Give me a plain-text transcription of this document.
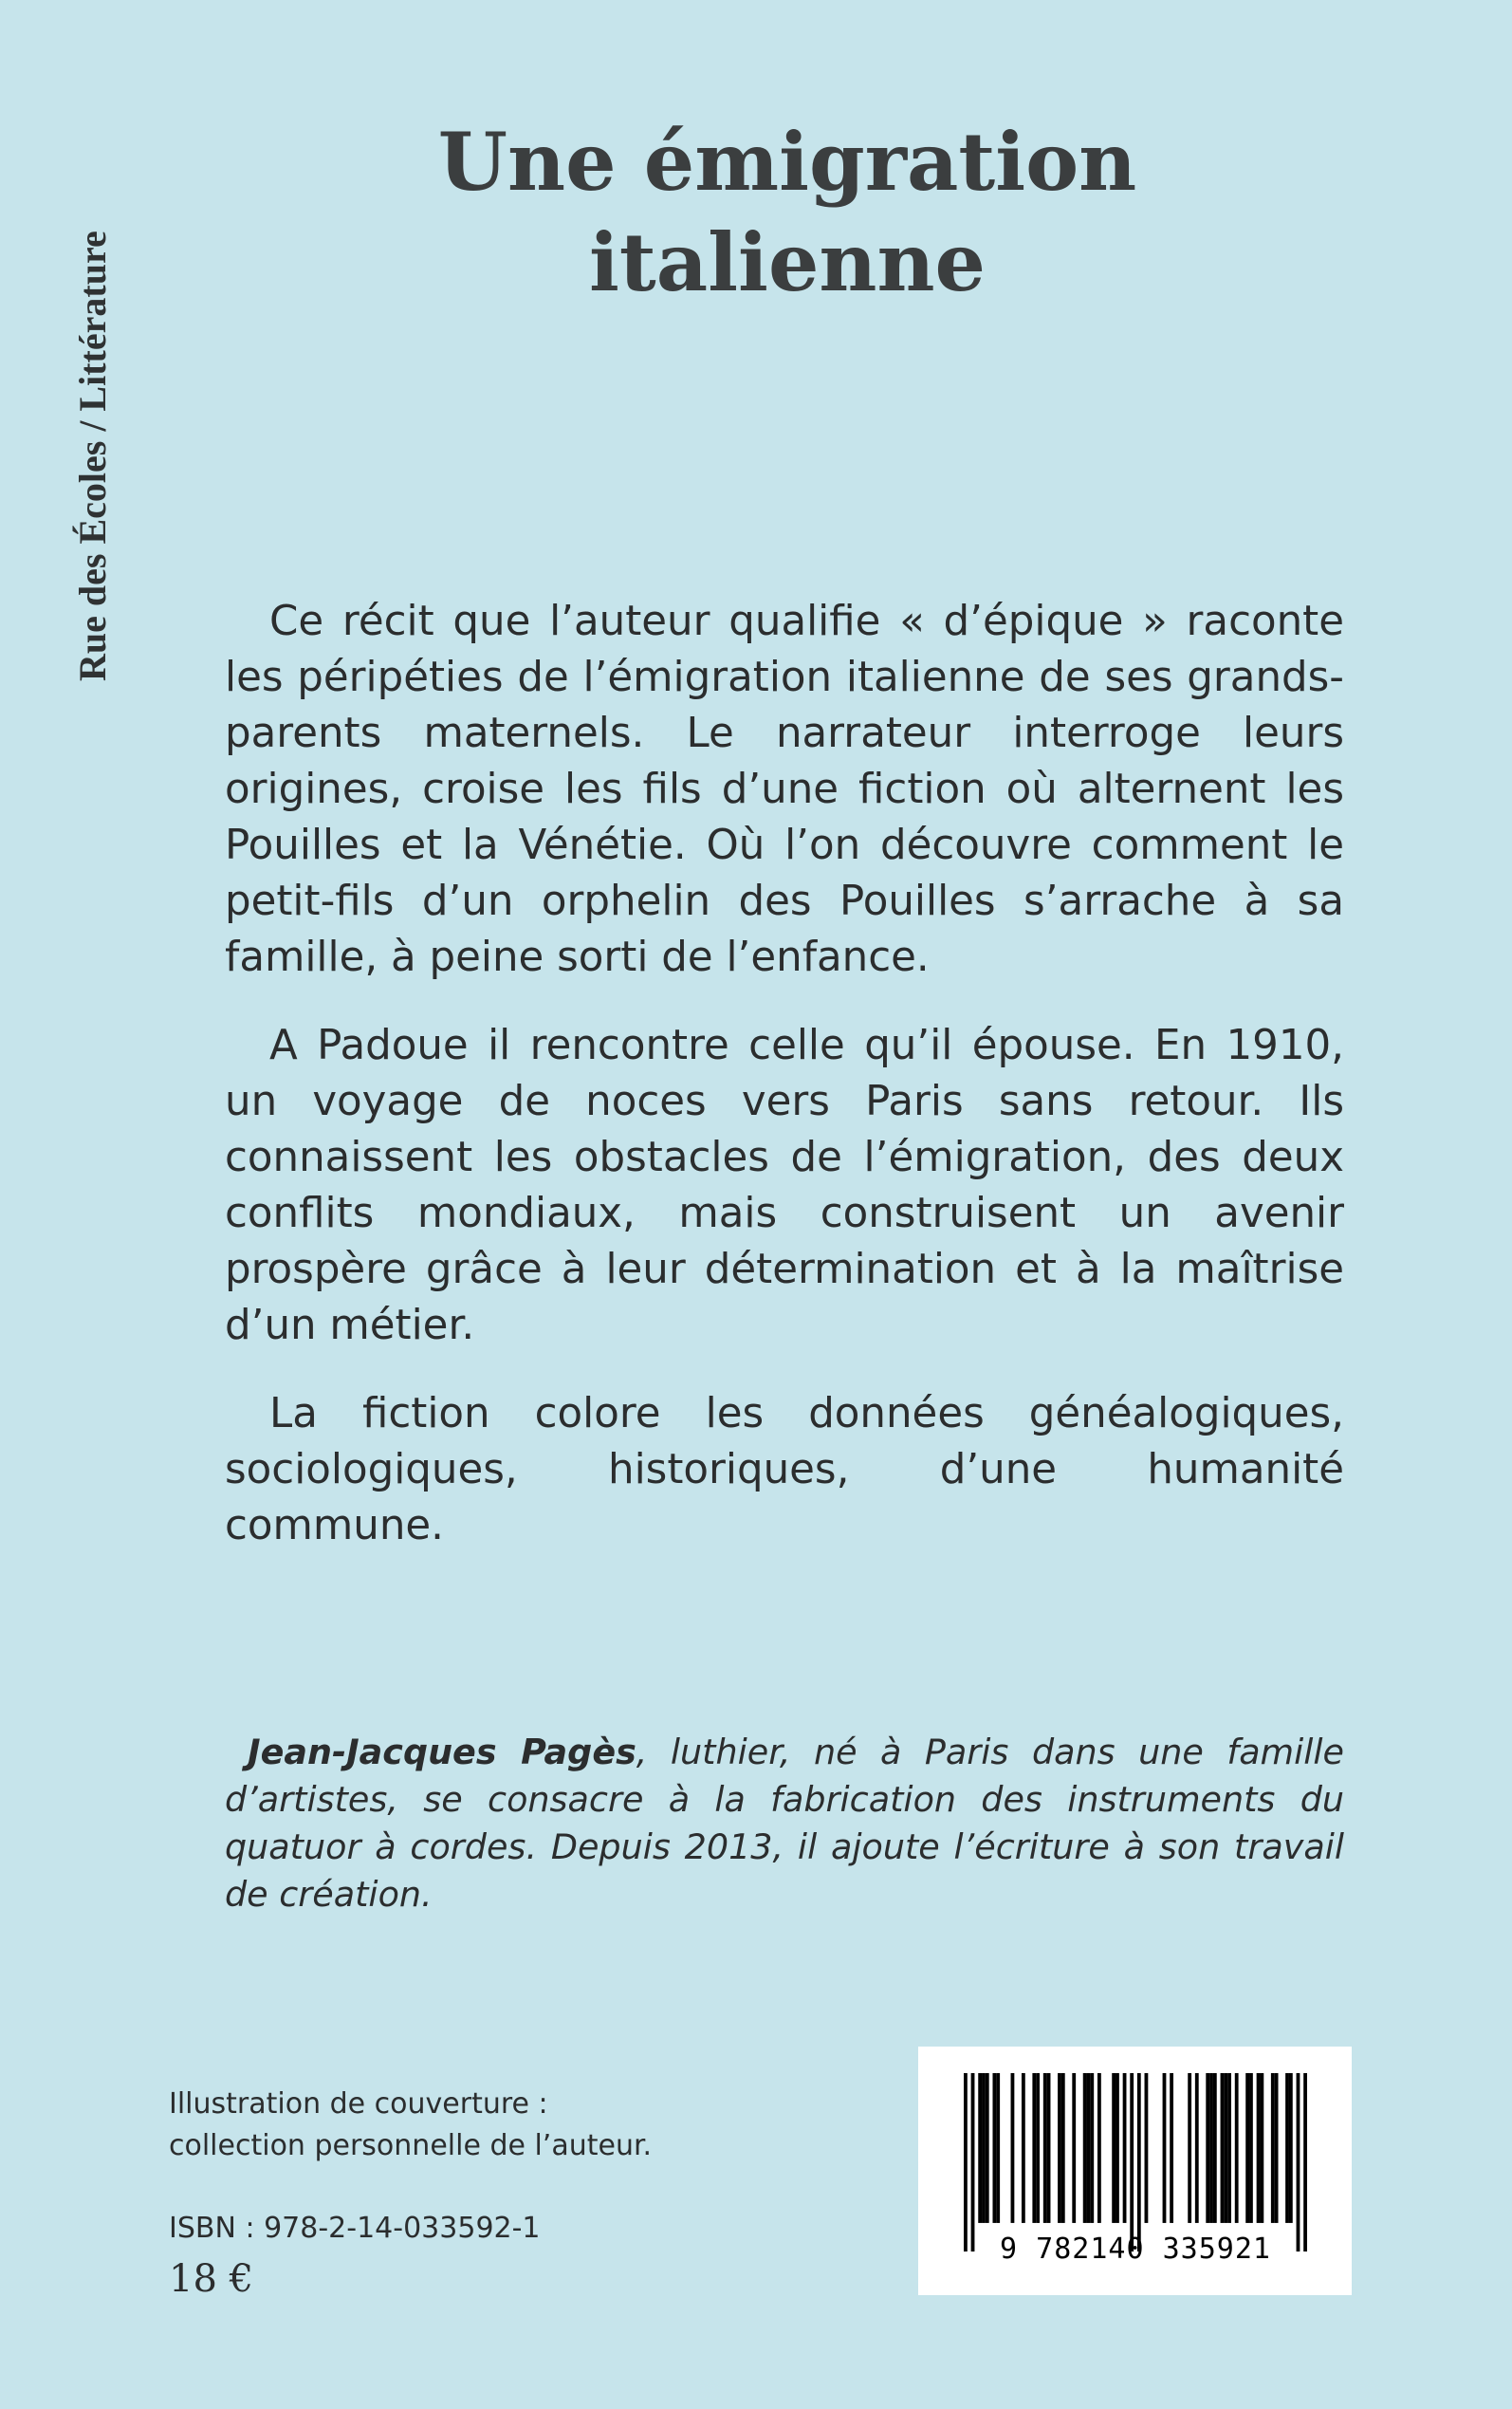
Rue des Écoles / Littérature
Une émigration
italienne

Ce récit que l’auteur qualifie « d’épique » raconte les péripéties de l’émigration italienne de ses grands-parents maternels. Le narrateur interroge leurs origines, croise les fils d’une fiction où alternent les Pouilles et la Vénétie. Où l’on découvre comment le petit-fils d’un orphelin des Pouilles s’arrache à sa famille, à peine sorti de l’enfance.

A Padoue il rencontre celle qu’il épouse. En 1910, un voyage de noces vers Paris sans retour. Ils connaissent les obstacles de l’émigration, des deux conflits mondiaux, mais construisent un avenir prospère grâce à leur détermination et à la maîtrise d’un métier.

La fiction colore les données généalogiques, sociologiques, historiques, d’une humanité commune.

Jean-Jacques Pagès, luthier, né à Paris dans une famille d’artistes, se consacre à la fabrication des instruments du quatuor à cordes. Depuis 2013, il ajoute l’écriture à son travail de création.

Illustration de couverture :
collection personnelle de l’auteur.
ISBN : 978-2-14-033592-1
18 €
9 782140 335921
